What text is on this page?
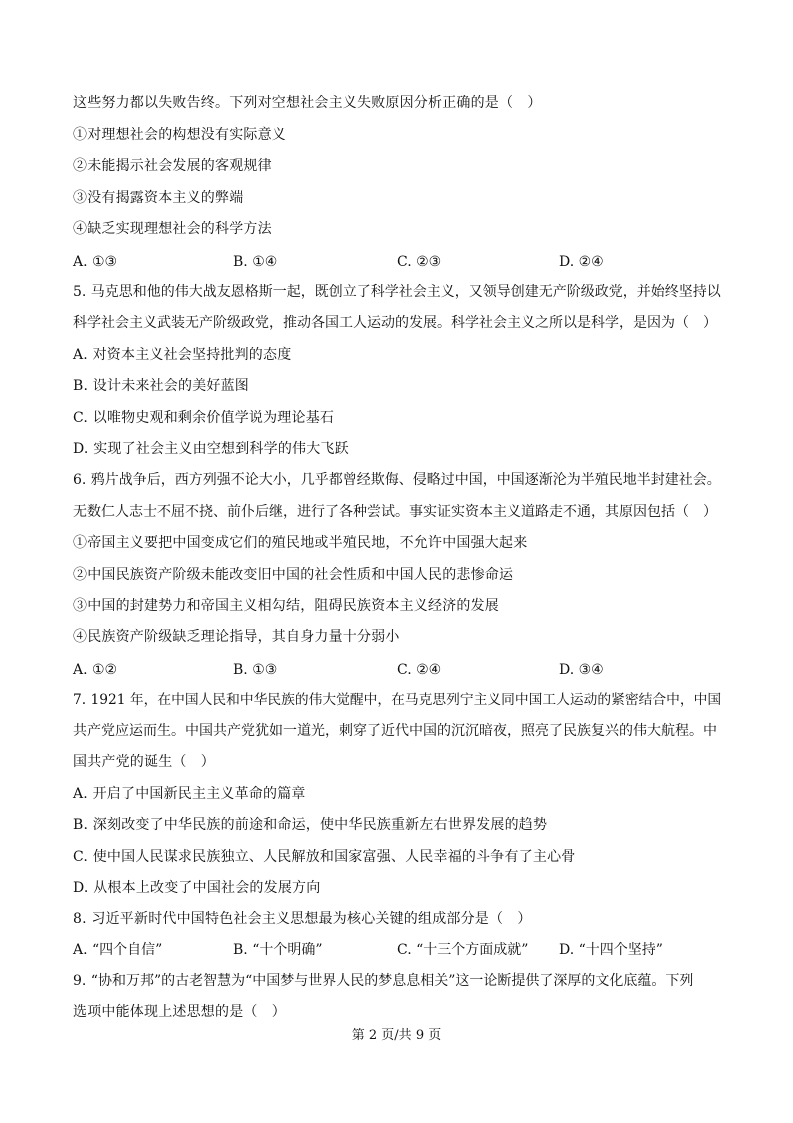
这些努力都以失败告终。下列对空想社会主义失败原因分析正确的是（　）
①对理想社会的构想没有实际意义
②未能揭示社会发展的客观规律
③没有揭露资本主义的弊端
④缺乏实现理想社会的科学方法
A. ①③	B. ①④	C. ②③	D. ②④
5. 马克思和他的伟大战友恩格斯一起，既创立了科学社会主义，又领导创建无产阶级政党，并始终坚持以
科学社会主义武装无产阶级政党，推动各国工人运动的发展。科学社会主义之所以是科学，是因为（　）
A. 对资本主义社会坚持批判的态度
B. 设计未来社会的美好蓝图
C. 以唯物史观和剩余价值学说为理论基石
D. 实现了社会主义由空想到科学的伟大飞跃
6. 鸦片战争后，西方列强不论大小，几乎都曾经欺侮、侵略过中国，中国逐渐沦为半殖民地半封建社会。
无数仁人志士不屈不挠、前仆后继，进行了各种尝试。事实证实资本主义道路走不通，其原因包括（　）
①帝国主义要把中国变成它们的殖民地或半殖民地，不允许中国强大起来
②中国民族资产阶级未能改变旧中国的社会性质和中国人民的悲惨命运
③中国的封建势力和帝国主义相勾结，阻碍民族资本主义经济的发展
④民族资产阶级缺乏理论指导，其自身力量十分弱小
A. ①②	B. ①③	C. ②④	D. ③④
7. 1921 年，在中国人民和中华民族的伟大觉醒中，在马克思列宁主义同中国工人运动的紧密结合中，中国
共产党应运而生。中国共产党犹如一道光，刺穿了近代中国的沉沉暗夜，照亮了民族复兴的伟大航程。中
国共产党的诞生（　）
A. 开启了中国新民主主义革命的篇章
B. 深刻改变了中华民族的前途和命运，使中华民族重新左右世界发展的趋势
C. 使中国人民谋求民族独立、人民解放和国家富强、人民幸福的斗争有了主心骨
D. 从根本上改变了中国社会的发展方向
8. 习近平新时代中国特色社会主义思想最为核心关键的组成部分是（　）
A. “四个自信”	B. “十个明确”	C. “十三个方面成就” D. “十四个坚持”
9. “协和万邦”的古老智慧为“中国梦与世界人民的梦息息相关”这一论断提供了深厚的文化底蕴。下列
选项中能体现上述思想的是（　）
第 2 页/共 9 页
